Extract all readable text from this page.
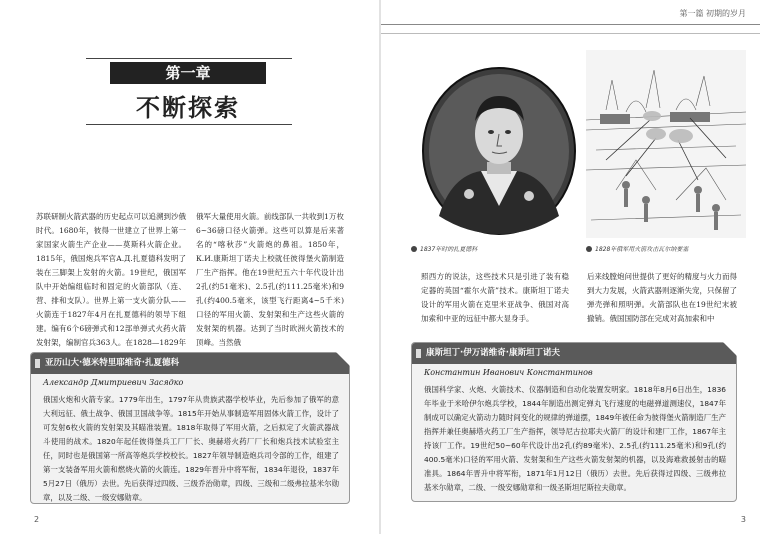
第一章
不断探索
苏联研制火箭武器的历史起点可以追溯到沙俄时代。1680年，彼得一世建立了世界上第一家国家火箭生产企业——莫斯科火箭企业。1815年，俄国炮兵军官А.Д.扎夏德科发明了装在三脚架上发射的火箭。19世纪，俄国军队中开始编组临时和固定的火箭部队（连、营、排和支队）。世界上第一支火箭分队——火箭连于1827年4月在扎夏德科的领导下组建。编有6个6磅弹式和12部单弹式火药火箭发射架，编制官兵363人。在1828—1829年
俄军大量使用火箭。前线部队一共收到1万枚6~36磅口径火箭弹。这些可以算是后来著名的“喀秋莎”火箭炮的鼻祖。1850年，К.И.康斯坦丁诺夫上校就任彼得堡火箭制造厂生产指挥。他在19世纪五六十年代设计出2孔(约51毫米)、2.5孔(约111.25毫米)和9孔(约400.5毫米，该型飞行距离4~5千米)口径的军用火箭、发射架和生产这些火箭的发射架的机器。达到了当时欧洲火箭技术的顶峰。当然俄
亚历山大·德米特里耶维奇·扎夏德科
Александр Дмитриевич Засядко
俄国火炮和火箭专家。1779年出生，1797年从贵族武器学校毕业，先后参加了俄军的意大利远征、俄土战争、俄国卫国战争等。1815年开始从事制造军用固体火箭工作，设计了可发射6枚火箭的发射架及其瞄准装置。1818年取得了军用火箭，之后拟定了火箭武器战斗使用的战术。1820年起任彼得堡兵工厂厂长、奥赫塔火药厂厂长和炮兵技术试验室主任，同时也是俄国第一所高等炮兵学校校长。1827年领导制造炮兵司令部的工作，组建了第一支装备军用火箭和燃烧火箭的火箭连。1829年晋升中将军衔，1834年退役，1837年5月27日（俄历）去世。先后获得过四级、三级乔治勋章，四级、三级和二级弗拉基米尔勋章，以及二级、一级安娜勋章。
2
第一篇 初期的岁月
1837年时的扎夏德科	1828年俄军用火箭攻击瓦尔纳要塞
照西方的说法，这些技术只是引进了装有稳定器的英国“霍尔火箭”技术。康斯坦丁诺夫设计的军用火箭在克里米亚战争、俄国对高加索和中亚的远征中都大显身手。
后来线膛炮问世提供了更好的精度与火力而得到大力发展，火箭武器则逐渐失宠，只保留了弹壳弹和照明弹。火箭部队也在19世纪末被撤销。俄国国防部在完成对高加索和中
康斯坦丁·伊万诺维奇·康斯坦丁诺夫
Константин Иванович Константинов
俄国科学家、火炮、火箭技术、仪器制造和自动化装置发明家。1818年8月6日出生，1836年毕业于米哈伊尔炮兵学校，1844年制造出测定弹丸飞行速度的电磁弹道测速仪，1847年制成可以确定火箭动力随时间变化的规律的弹道摆，1849年被任命为彼得堡火箭制造厂生产指挥并兼任奥赫塔火药工厂生产指挥，领导尼古拉耶夫火箭厂的设计和建厂工作，1867年主持该厂工作。19世纪50~60年代设计出2孔(约89毫米)、2.5孔(约111.25毫米)和9孔(约400.5毫米)口径的军用火箭、发射架和生产这些火箭发射架的机器，以及海难救援射击的瞄准具。1864年晋升中将军衔，1871年1月12日（俄历）去世。先后获得过四级、三级弗拉基米尔勋章，二级、一级安娜勋章和一级圣斯坦尼斯拉夫勋章。
3
